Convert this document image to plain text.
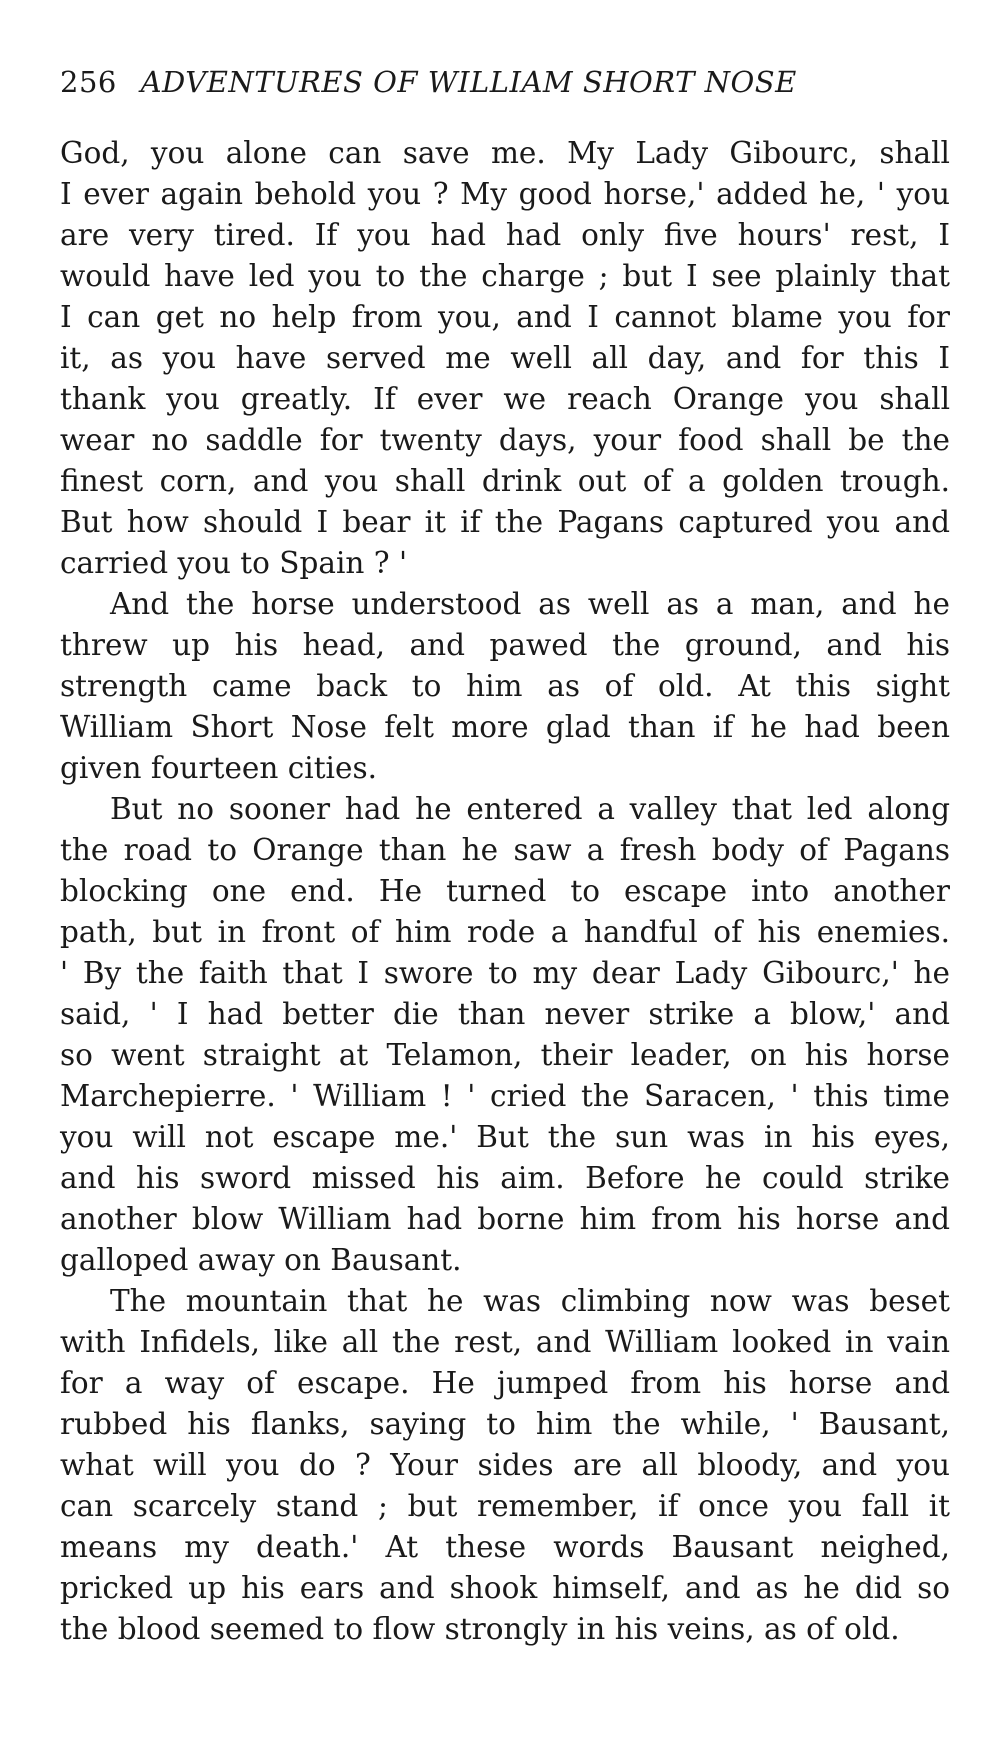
256 ADVENTURES OF WILLIAM SHORT NOSE
God, you alone can save me. My Lady Gibourc, shall
I ever again behold you ? My good horse,' added he, ' you
are very tired. If you had had only five hours' rest, I
would have led you to the charge ; but I see plainly that
I can get no help from you, and I cannot blame you for
it, as you have served me well all day, and for this I
thank you greatly. If ever we reach Orange you shall
wear no saddle for twenty days, your food shall be the
finest corn, and you shall drink out of a golden trough.
But how should I bear it if the Pagans captured you and
carried you to Spain ? '
And the horse understood as well as a man, and he
threw up his head, and pawed the ground, and his
strength came back to him as of old. At this sight
William Short Nose felt more glad than if he had been
given fourteen cities.
But no sooner had he entered a valley that led along
the road to Orange than he saw a fresh body of Pagans
blocking one end. He turned to escape into another
path, but in front of him rode a handful of his enemies.
' By the faith that I swore to my dear Lady Gibourc,' he
said, ' I had better die than never strike a blow,' and
so went straight at Telamon, their leader, on his horse
Marchepierre. ' William ! ' cried the Saracen, ' this time
you will not escape me.' But the sun was in his eyes,
and his sword missed his aim. Before he could strike
another blow William had borne him from his horse and
galloped away on Bausant.
The mountain that he was climbing now was beset
with Infidels, like all the rest, and William looked in vain
for a way of escape. He jumped from his horse and
rubbed his flanks, saying to him the while, ' Bausant,
what will you do ? Your sides are all bloody, and you
can scarcely stand ; but remember, if once you fall it
means my death.' At these words Bausant neighed,
pricked up his ears and shook himself, and as he did so
the blood seemed to flow strongly in his veins, as of old.
